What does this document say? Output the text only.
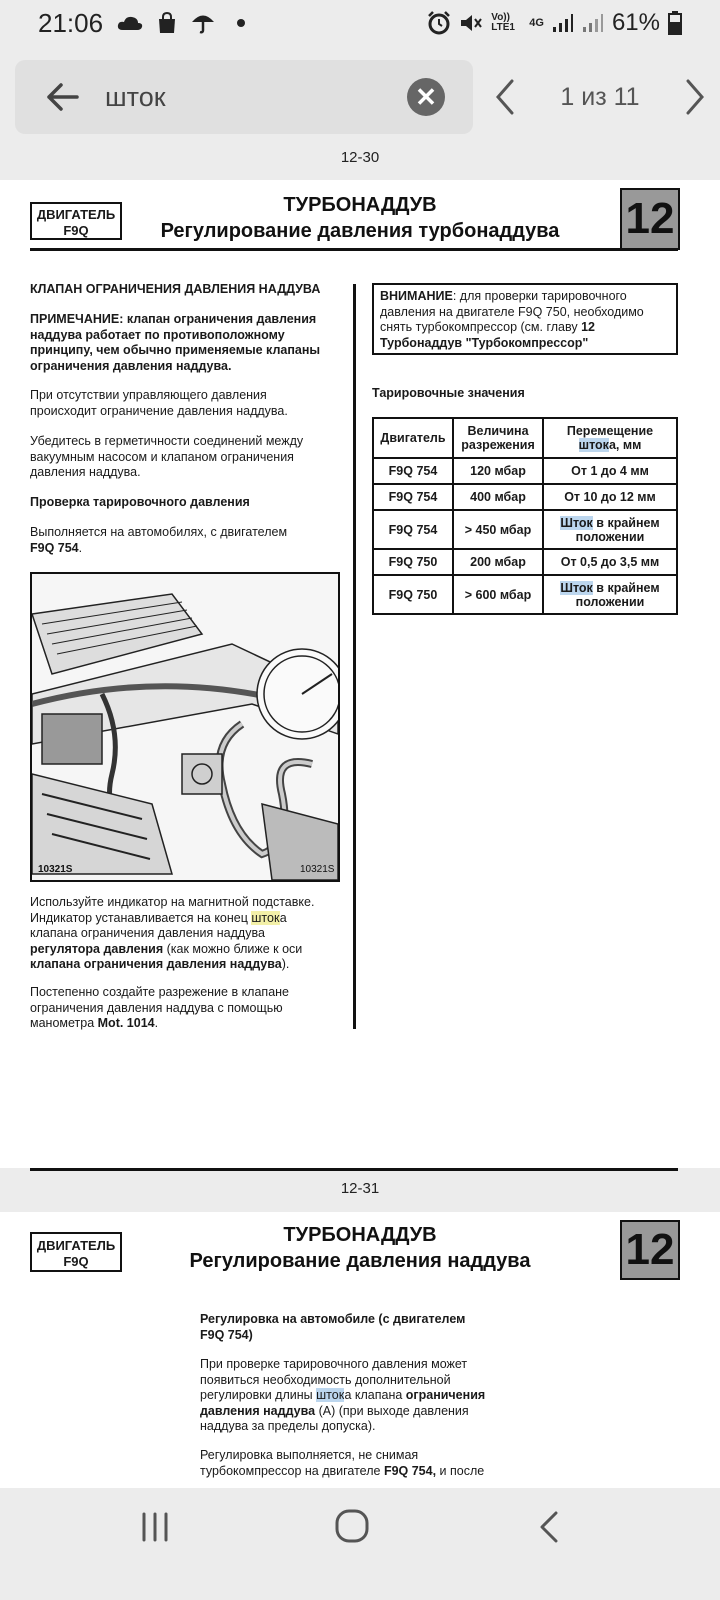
21:06	Vo)) LTE1	4G	61%
шток	✕	1 из 11
12-30
ДВИГАТЕЛЬ
F9Q
ТУРБОНАДДУВ
Регулирование давления турбонаддува	12
КЛАПАН ОГРАНИЧЕНИЯ ДАВЛЕНИЯ НАДДУВА
ПРИМЕЧАНИЕ: клапан ограничения давления наддува работает по противоположному принципу, чем обычно применяемые клапаны ограничения давления наддува.
При отсутствии управляющего давления происходит ограничение давления наддува.
Убедитесь в герметичности соединений между вакуумным насосом и клапаном ограничения давления наддува.
Проверка тарировочного давления
Выполняется на автомобилях, с двигателем
F9Q 754.
10321S	10321S
Используйте индикатор на магнитной подставке. Индикатор устанавливается на конец штока клапана ограничения давления наддува регулятора давления (как можно ближе к оси клапана ограничения давления наддува).
Постепенно создайте разрежение в клапане ограничения давления наддува с помощью манометра Mot. 1014.
ВНИМАНИЕ: для проверки тарировочного давления на двигателе F9Q 750, необходимо снять турбокомпрессор (см. главу 12 Турбонаддув "Турбокомпрессор"
Тарировочные значения
Двигатель	Величина разрежения	Перемещение штока, мм
F9Q 754	120 мбар	От 1 до 4 мм
F9Q 754	400 мбар	От 10 до 12 мм
F9Q 754	> 450 мбар	Шток в крайнем положении
F9Q 750	200 мбар	От 0,5 до 3,5 мм
F9Q 750	> 600 мбар	Шток в крайнем положении
12-31
ДВИГАТЕЛЬ
F9Q
ТУРБОНАДДУВ
Регулирование давления наддува	12
Регулировка на автомобиле (с двигателем F9Q 754)
При проверке тарировочного давления может появиться необходимость дополнительной регулировки длины штока клапана ограничения давления наддува (А) (при выходе давления наддува за пределы допуска).
Регулировка выполняется, не снимая турбокомпрессор на двигателе F9Q 754, и после
